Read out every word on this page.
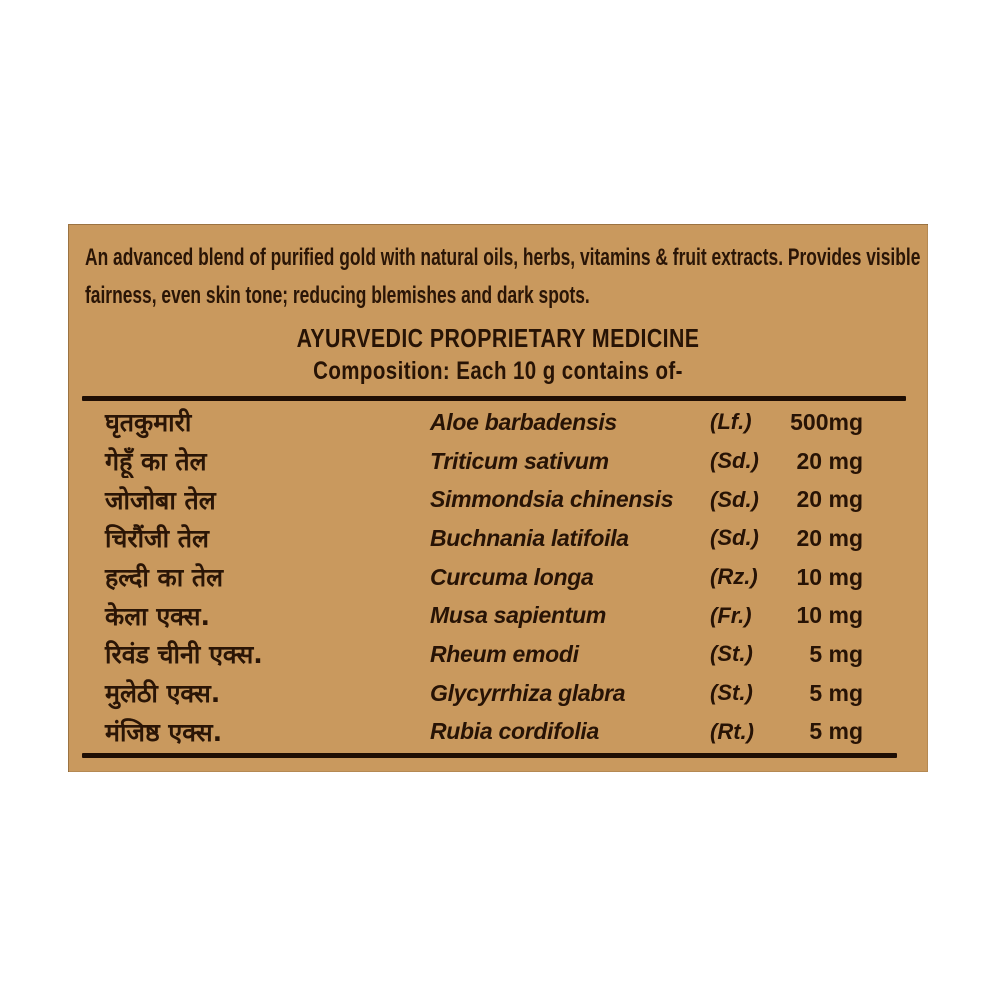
An advanced blend of purified gold with natural oils, herbs, vitamins & fruit extracts. Provides visible
fairness, even skin tone; reducing blemishes and dark spots.
AYURVEDIC PROPRIETARY MEDICINE
Composition: Each 10 g contains of-
घृतकुमारी	Aloe barbadensis	(Lf.)	500mg
गेहूँ का तेल	Triticum sativum	(Sd.)	20 mg
जोजोबा तेल	Simmondsia chinensis	(Sd.)	20 mg
चिरौंजी तेल	Buchnania latifoila	(Sd.)	20 mg
हल्दी का तेल	Curcuma longa	(Rz.)	10 mg
केला एक्स.	Musa sapientum	(Fr.)	10 mg
रिवंड चीनी एक्स.	Rheum emodi	(St.)	5 mg
मुलेठी एक्स.	Glycyrrhiza glabra	(St.)	5 mg
मंजिष्ठ एक्स.	Rubia cordifolia	(Rt.)	5 mg
